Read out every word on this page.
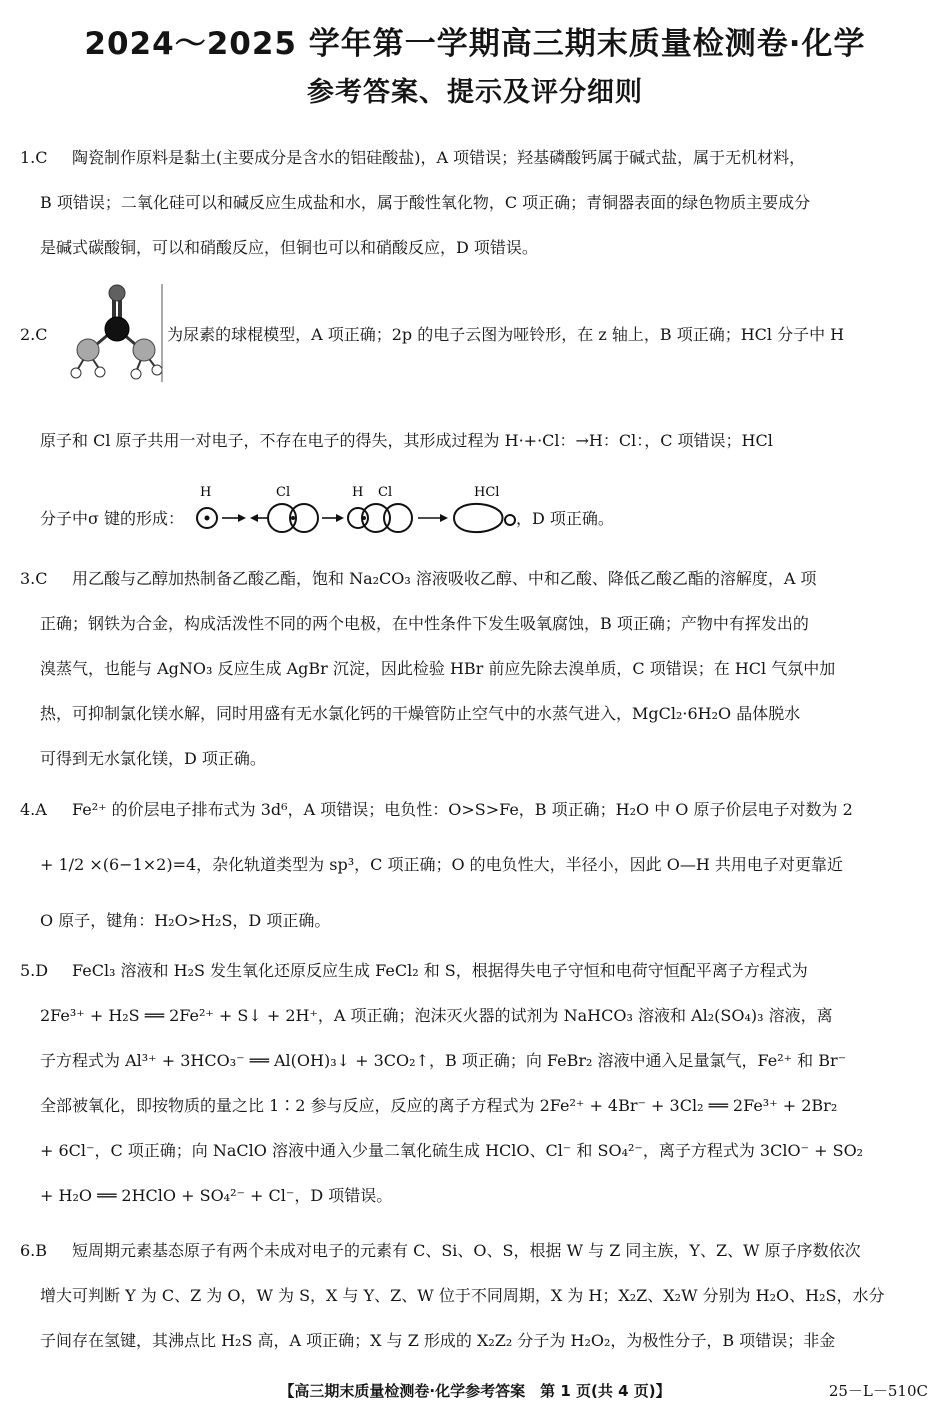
2024～2025 学年第一学期高三期末质量检测卷·化学
参考答案、提示及评分细则

1.C 陶瓷制作原料是黏土(主要成分是含水的铝硅酸盐)，A 项错误；羟基磷酸钙属于碱式盐，属于无机材料，

B 项错误；二氧化硅可以和碱反应生成盐和水，属于酸性氧化物，C 项正确；青铜器表面的绿色物质主要成分

是碱式碳酸铜，可以和硝酸反应，但铜也可以和硝酸反应，D 项错误。

2.C	为尿素的球棍模型，A 项正确；2p 的电子云图为哑铃形，在 z 轴上，B 项正确；HCl 分子中 H

原子和 Cl 原子共用一对电子，不存在电子的得失，其形成过程为 H·+·Cl：→H：Cl：，C 项错误；HCl

分子中σ 键的形成：	，D 项正确。
H	Cl	H Cl	HCl

3.C 用乙酸与乙醇加热制备乙酸乙酯，饱和 Na₂CO₃ 溶液吸收乙醇、中和乙酸、降低乙酸乙酯的溶解度，A 项

正确；钢铁为合金，构成活泼性不同的两个电极，在中性条件下发生吸氧腐蚀，B 项正确；产物中有挥发出的

溴蒸气，也能与 AgNO₃ 反应生成 AgBr 沉淀，因此检验 HBr 前应先除去溴单质，C 项错误；在 HCl 气氛中加

热，可抑制氯化镁水解，同时用盛有无水氯化钙的干燥管防止空气中的水蒸气进入，MgCl₂·6H₂O 晶体脱水

可得到无水氯化镁，D 项正确。

4.A Fe²⁺ 的价层电子排布式为 3d⁶，A 项错误；电负性：O>S>Fe，B 项正确；H₂O 中 O 原子价层电子对数为 2

+ 1/2 ×(6−1×2)=4，杂化轨道类型为 sp³，C 项正确；O 的电负性大，半径小，因此 O—H 共用电子对更靠近

O 原子，键角：H₂O>H₂S，D 项正确。

5.D FeCl₃ 溶液和 H₂S 发生氧化还原反应生成 FeCl₂ 和 S，根据得失电子守恒和电荷守恒配平离子方程式为

2Fe³⁺ + H₂S ══ 2Fe²⁺ + S↓ + 2H⁺，A 项正确；泡沫灭火器的试剂为 NaHCO₃ 溶液和 Al₂(SO₄)₃ 溶液，离

子方程式为 Al³⁺ + 3HCO₃⁻ ══ Al(OH)₃↓ + 3CO₂↑，B 项正确；向 FeBr₂ 溶液中通入足量氯气，Fe²⁺ 和 Br⁻

全部被氧化，即按物质的量之比 1∶2 参与反应，反应的离子方程式为 2Fe²⁺ + 4Br⁻ + 3Cl₂ ══ 2Fe³⁺ + 2Br₂

+ 6Cl⁻，C 项正确；向 NaClO 溶液中通入少量二氧化硫生成 HClO、Cl⁻ 和 SO₄²⁻，离子方程式为 3ClO⁻ + SO₂

+ H₂O ══ 2HClO + SO₄²⁻ + Cl⁻，D 项错误。

6.B 短周期元素基态原子有两个未成对电子的元素有 C、Si、O、S，根据 W 与 Z 同主族，Y、Z、W 原子序数依次

增大可判断 Y 为 C、Z 为 O，W 为 S，X 与 Y、Z、W 位于不同周期，X 为 H；X₂Z、X₂W 分别为 H₂O、H₂S，水分

子间存在氢键，其沸点比 H₂S 高，A 项正确；X 与 Z 形成的 X₂Z₂ 分子为 H₂O₂，为极性分子，B 项错误；非金

【高三期末质量检测卷·化学参考答案　第 1 页(共 4 页)】	25－L－510C
